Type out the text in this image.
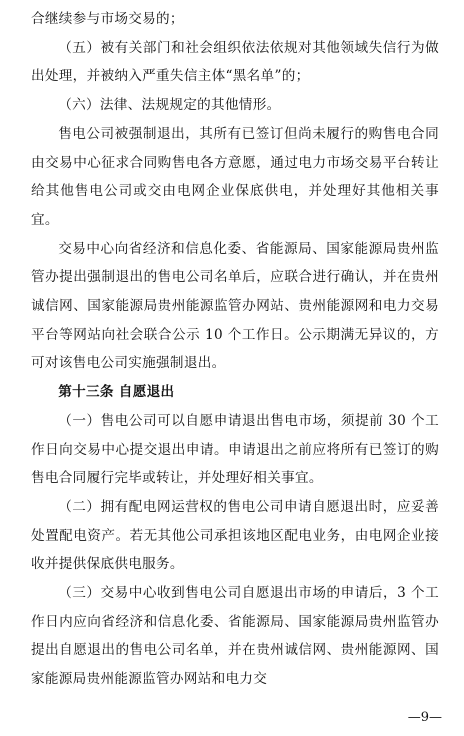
合继续参与市场交易的；

（五）被有关部门和社会组织依法依规对其他领域失信行为做出处理，并被纳入严重失信主体“黑名单”的；

（六）法律、法规规定的其他情形。

售电公司被强制退出，其所有已签订但尚未履行的购售电合同由交易中心征求合同购售电各方意愿，通过电力市场交易平台转让给其他售电公司或交由电网企业保底供电，并处理好其他相关事宜。

交易中心向省经济和信息化委、省能源局、国家能源局贵州监管办提出强制退出的售电公司名单后，应联合进行确认，并在贵州诚信网、国家能源局贵州能源监管办网站、贵州能源网和电力交易平台等网站向社会联合公示 10 个工作日。公示期满无异议的，方可对该售电公司实施强制退出。

第十三条 自愿退出

（一）售电公司可以自愿申请退出售电市场，须提前 30 个工作日向交易中心提交退出申请。申请退出之前应将所有已签订的购售电合同履行完毕或转让，并处理好相关事宜。

（二）拥有配电网运营权的售电公司申请自愿退出时，应妥善处置配电资产。若无其他公司承担该地区配电业务，由电网企业接收并提供保底供电服务。

（三）交易中心收到售电公司自愿退出市场的申请后，3 个工作日内应向省经济和信息化委、省能源局、国家能源局贵州监管办提出自愿退出的售电公司名单，并在贵州诚信网、贵州能源网、国家能源局贵州能源监管办网站和电力交

—9—
